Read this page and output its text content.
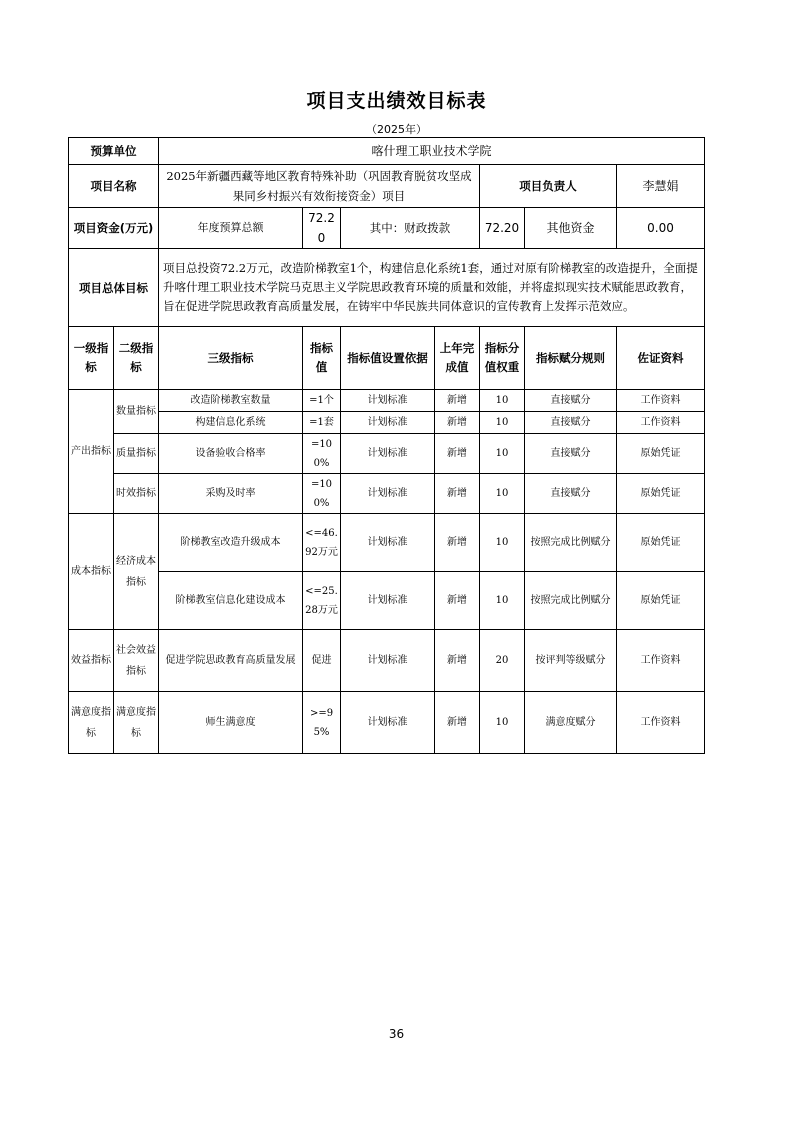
项目支出绩效目标表
（2025年）
预算单位		喀什理工职业技术学院						
项目名称		2025年新疆西藏等地区教育特殊补助（巩固教育脱贫攻坚成果同乡村振兴有效衔接资金）项目				项目负责人		李慧娟
项目资金(万元)		年度预算总额	72.20	其中：财政拨款		72.20	其他资金	0.00
项目总体目标		项目总投资72.2万元，改造阶梯教室1个，构建信息化系统1套，通过对原有阶梯教室的改造提升，全面提升喀什理工职业技术学院马克思主义学院思政教育环境的质量和效能，并将虚拟现实技术赋能思政教育，旨在促进学院思政教育高质量发展，在铸牢中华民族共同体意识的宣传教育上发挥示范效应。						
一级指标	二级指标	三级指标	指标值	指标值设置依据	上年完成值	指标分值权重	指标赋分规则	佐证资料
产出指标	数量指标	改造阶梯教室数量	=1个	计划标准	新增	10	直接赋分	工作资料
		构建信息化系统	=1套	计划标准	新增	10	直接赋分	工作资料
	质量指标	设备验收合格率	=100%	计划标准	新增	10	直接赋分	原始凭证
	时效指标	采购及时率	=100%	计划标准	新增	10	直接赋分	原始凭证
成本指标	经济成本指标	阶梯教室改造升级成本	<=46.92万元	计划标准	新增	10	按照完成比例赋分	原始凭证
		阶梯教室信息化建设成本	<=25.28万元	计划标准	新增	10	按照完成比例赋分	原始凭证
效益指标	社会效益指标	促进学院思政教育高质量发展	促进	计划标准	新增	20	按评判等级赋分	工作资料
满意度指标	满意度指标	师生满意度	>=95%	计划标准	新增	10	满意度赋分	工作资料
36
